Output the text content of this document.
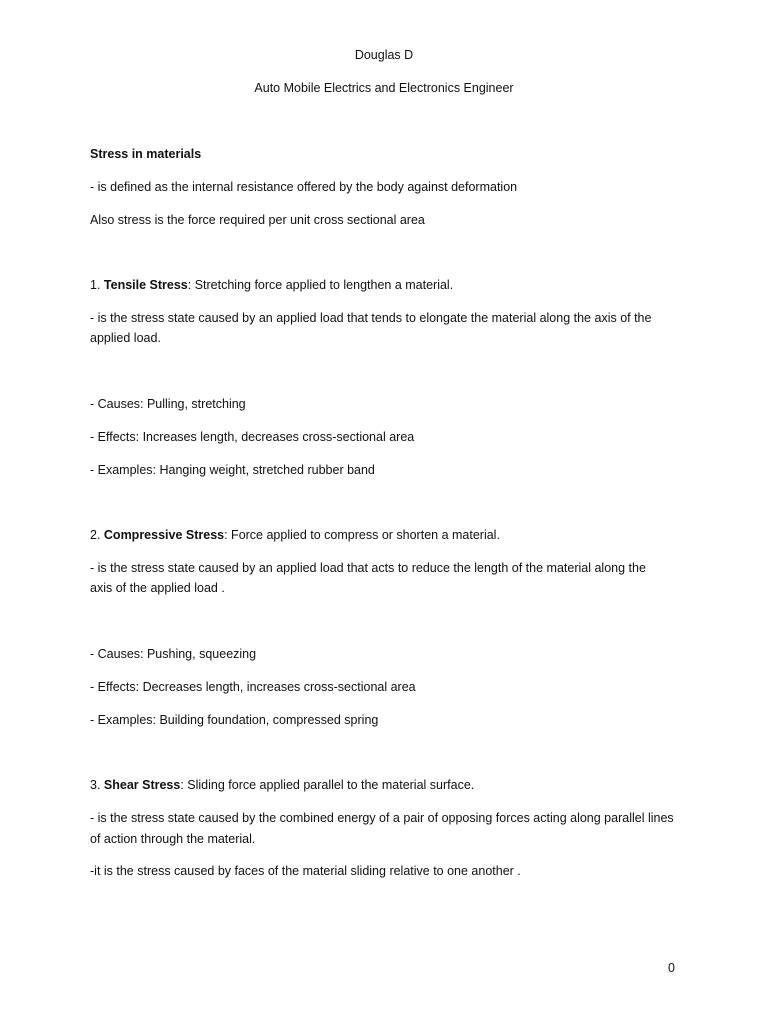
Douglas D
Auto Mobile Electrics and Electronics Engineer
Stress in materials
- is defined as the internal resistance offered by the body against deformation
Also stress is the force required per unit cross sectional area
1. Tensile Stress: Stretching force applied to lengthen a material.
- is the stress state caused by an applied load that tends to elongate the material along the axis of the
applied load.
- Causes: Pulling, stretching
- Effects: Increases length, decreases cross-sectional area
- Examples: Hanging weight, stretched rubber band
2. Compressive Stress: Force applied to compress or shorten a material.
- is the stress state caused by an applied load that acts to reduce the length of the material along the
axis of the applied load .
- Causes: Pushing, squeezing
- Effects: Decreases length, increases cross-sectional area
- Examples: Building foundation, compressed spring
3. Shear Stress: Sliding force applied parallel to the material surface.
- is the stress state caused by the combined energy of a pair of opposing forces acting along parallel lines
of action through the material.
-it is the stress caused by faces of the material sliding relative to one another .
0
